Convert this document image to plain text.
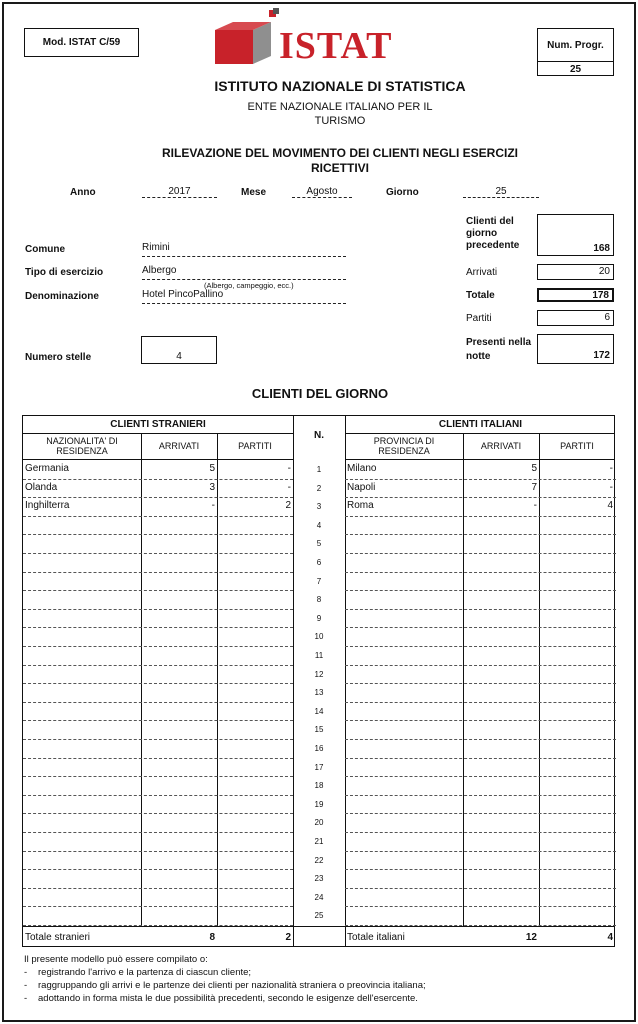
Mod. ISTAT C/59	Num. Progr.
25
ISTAT
ISTITUTO NAZIONALE DI STATISTICA
ENTE NAZIONALE ITALIANO PER IL
TURISMO
RILEVAZIONE DEL MOVIMENTO DEI CLIENTI NEGLI ESERCIZI
RICETTIVI
Anno	2017	Mese	Agosto	Giorno	25
Comune	Rimini
Tipo di esercizio	Albergo
(Albergo, campeggio, ecc.)
Denominazione	Hotel PincoPallino
Numero stelle	4
Clienti del
giorno
precedente	168
Arrivati	20
Totale	178
Partiti	6
Presenti nella
notte	172
CLIENTI DEL GIORNO
CLIENTI STRANIERI	CLIENTI ITALIANI
N.
NAZIONALITA' DI
RESIDENZA	ARRIVATI	PARTITI	PROVINCIA DI
RESIDENZA	ARRIVATI	PARTITI
Germania	5	-	1	Milano	5	-
Olanda	3	-	2	Napoli	7	-
Inghilterra	-	2	3	Roma	-	4
4
5
6
7
8
9
10
11
12
13
14
15
16
17
18
19
20
21
22
23
24
25
Totale stranieri	8	2	Totale italiani	12	4
Il presente modello può essere compilato o:
-	registrando l'arrivo e la partenza di ciascun cliente;
-	raggruppando gli arrivi e le partenze dei clienti per nazionalità straniera o preovincia italiana;
-	adottando in forma mista le due possibilità precedenti, secondo le esigenze dell'esercente.
